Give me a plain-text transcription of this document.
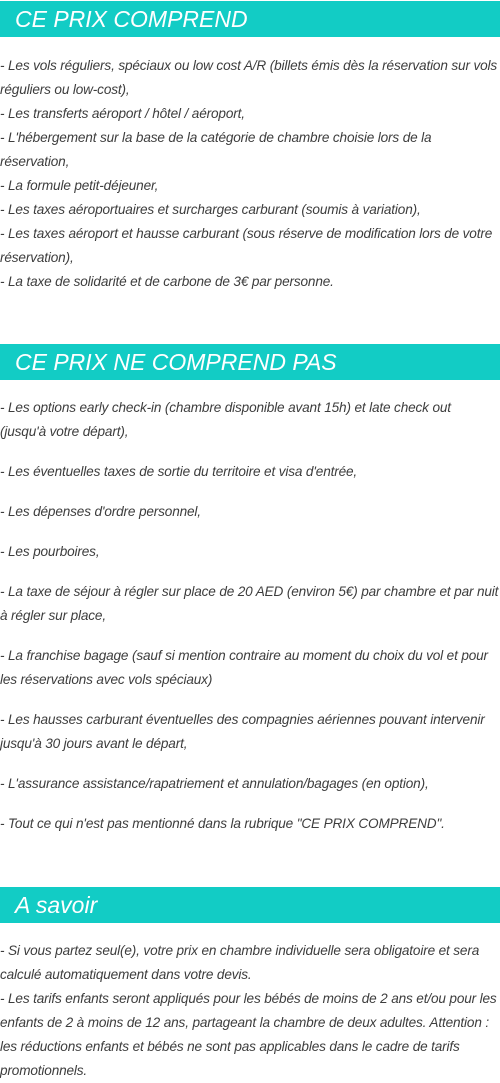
CE PRIX COMPREND

- Les vols réguliers, spéciaux ou low cost A/R (billets émis dès la réservation sur vols réguliers ou low-cost),

- Les transferts aéroport / hôtel / aéroport,

- L'hébergement sur la base de la catégorie de chambre choisie lors de la réservation,

- La formule petit-déjeuner,

- Les taxes aéroportuaires et surcharges carburant (soumis à variation),

- Les taxes aéroport et hausse carburant (sous réserve de modification lors de votre réservation),

- La taxe de solidarité et de carbone de 3€ par personne.

CE PRIX NE COMPREND PAS

- Les options early check-in (chambre disponible avant 15h) et late check out (jusqu'à votre départ),

- Les éventuelles taxes de sortie du territoire et visa d'entrée,

- Les dépenses d'ordre personnel,

- Les pourboires,

- La taxe de séjour à régler sur place de 20 AED (environ 5€) par chambre et par nuit à régler sur place,

- La franchise bagage (sauf si mention contraire au moment du choix du vol et pour les réservations avec vols spéciaux)

- Les hausses carburant éventuelles des compagnies aériennes pouvant intervenir jusqu'à 30 jours avant le départ,

- L'assurance assistance/rapatriement et annulation/bagages (en option),

- Tout ce qui n'est pas mentionné dans la rubrique "CE PRIX COMPREND".

A savoir

- Si vous partez seul(e), votre prix en chambre individuelle sera obligatoire et sera calculé automatiquement dans votre devis.

- Les tarifs enfants seront appliqués pour les bébés de moins de 2 ans et/ou pour les enfants de 2 à moins de 12 ans, partageant la chambre de deux adultes. Attention : les réductions enfants et bébés ne sont pas applicables dans le cadre de tarifs promotionnels.
